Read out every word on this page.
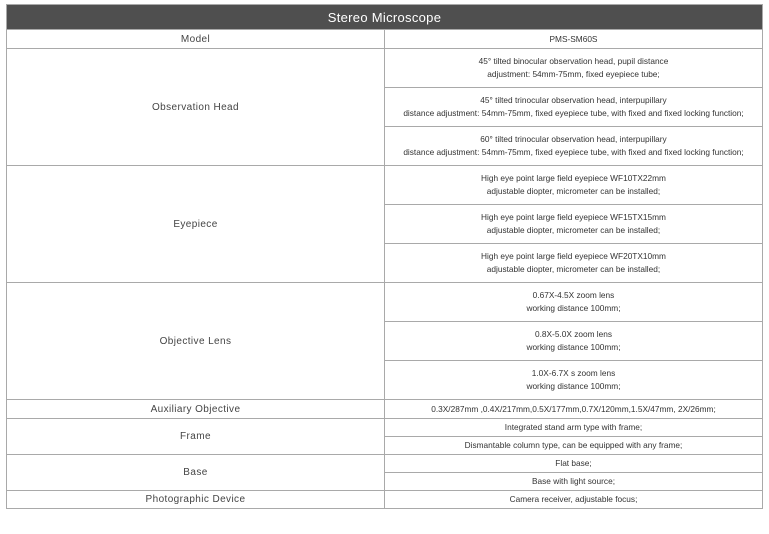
Stereo Microscope	
Model	PMS-SM60S
Observation Head	45° tilted binocular observation head, pupil distance
adjustment: 54mm-75mm, fixed eyepiece tube;

	45° tilted trinocular observation head, interpupillary
distance adjustment: 54mm-75mm, fixed eyepiece tube, with fixed and fixed locking function;

	60° tilted trinocular observation head, interpupillary
distance adjustment: 54mm-75mm, fixed eyepiece tube, with fixed and fixed locking function;

Eyepiece	High eye point large field eyepiece WF10TX22mm
adjustable diopter, micrometer can be installed;

	High eye point large field eyepiece WF15TX15mm
adjustable diopter, micrometer can be installed;

	High eye point large field eyepiece WF20TX10mm
adjustable diopter, micrometer can be installed;

Objective Lens	0.67X-4.5X zoom lens
working distance 100mm;

	0.8X-5.0X zoom lens
working distance 100mm;

	1.0X-6.7X s zoom lens
working distance 100mm;

Auxiliary Objective	0.3X/287mm ,0.4X/217mm,0.5X/177mm,0.7X/120mm,1.5X/47mm, 2X/26mm;
Frame	Integrated stand arm type with frame;
	Dismantable column type, can be equipped with any frame;
Base	Flat base;
	Base with light source;
Photographic Device	Camera receiver, adjustable focus;
